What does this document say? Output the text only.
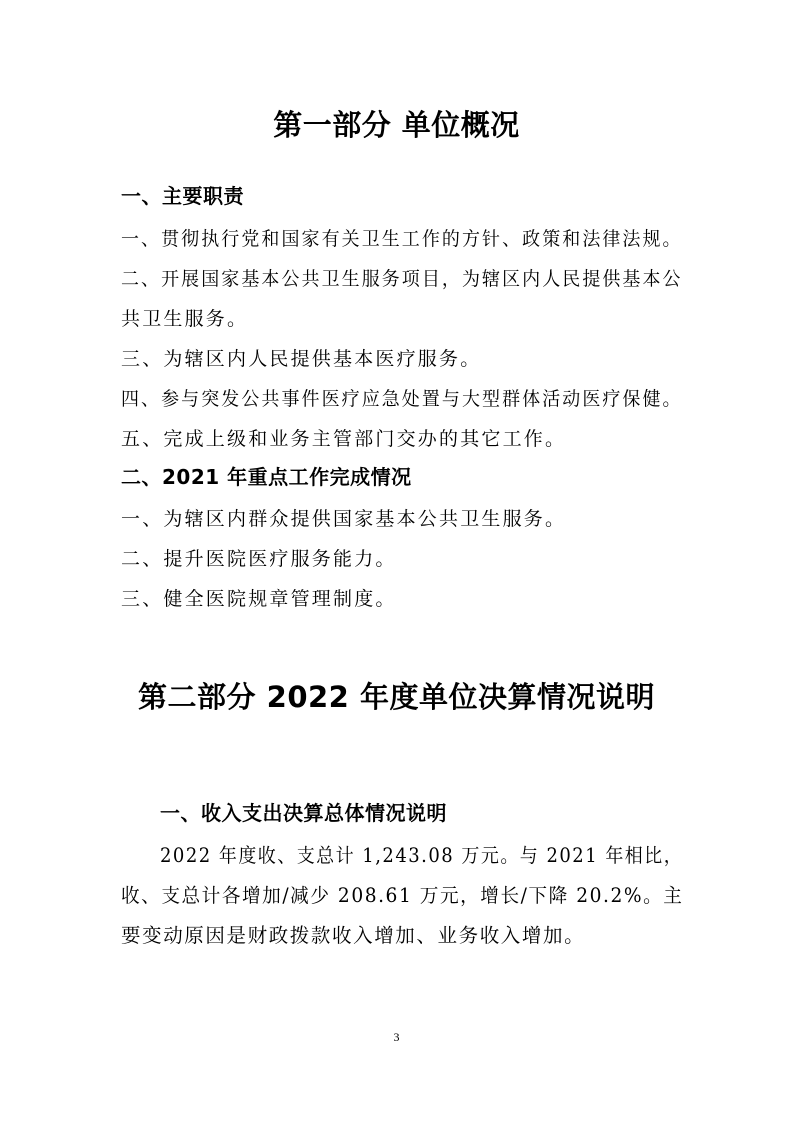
第一部分 单位概况
一、主要职责
一、贯彻执行党和国家有关卫生工作的方针、政策和法律法规。
二、开展国家基本公共卫生服务项目，为辖区内人民提供基本公
共卫生服务。
三、为辖区内人民提供基本医疗服务。
四、参与突发公共事件医疗应急处置与大型群体活动医疗保健。
五、完成上级和业务主管部门交办的其它工作。
二、2021 年重点工作完成情况
一、为辖区内群众提供国家基本公共卫生服务。
二、提升医院医疗服务能力。
三、健全医院规章管理制度。
第二部分 2022 年度单位决算情况说明
一、收入支出决算总体情况说明
2022 年度收、支总计 1,243.08 万元。与 2021 年相比，
收、支总计各增加/减少 208.61 万元，增长/下降 20.2%。主
要变动原因是财政拨款收入增加、业务收入增加。
3
